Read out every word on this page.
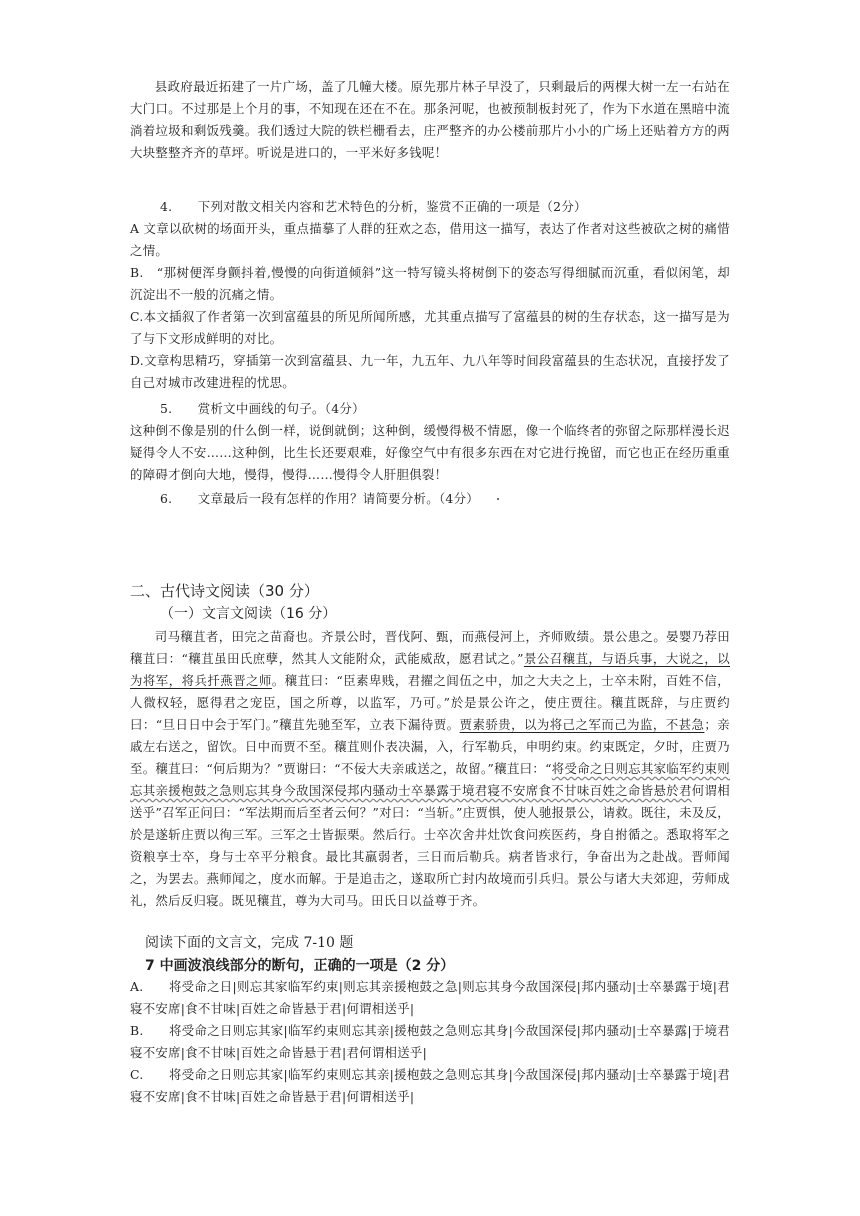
县政府最近拓建了一片广场，盖了几幢大楼。原先那片林子早没了，只剩最后的两棵大树一左一右站在大门口。不过那是上个月的事，不知现在还在不在。那条河呢，也被预制板封死了，作为下水道在黑暗中流淌着垃圾和剩饭残羹。我们透过大院的铁栏栅看去，庄严整齐的办公楼前那片小小的广场上还贴着方方的两大块整整齐齐的草坪。听说是进口的，一平米好多钱呢！

4.　　下列对散文相关内容和艺术特色的分析，鉴赏不正确的一项是（2分）

A 文章以砍树的场面开头，重点描摹了人群的狂欢之态，借用这一描写，表达了作者对这些被砍之树的痛惜之情。

B.　“那树便浑身颤抖着,慢慢的向街道倾斜”这一特写镜头将树倒下的姿态写得细腻而沉重，看似闲笔，却沉淀出不一般的沉痛之情。

C.本文插叙了作者第一次到富蕴县的所见所闻所感，尤其重点描写了富蕴县的树的生存状态，这一描写是为了与下文形成鲜明的对比。

D.文章构思精巧，穿插第一次到富蕴县、九一年，九五年、九八年等时间段富蕴县的生态状况，直接抒发了自己对城市改建进程的忧思。

5.　　赏析文中画线的句子。（4分）

这种倒不像是别的什么倒一样，说倒就倒；这种倒，缓慢得极不情愿，像一个临终者的弥留之际那样漫长迟疑得令人不安……这种倒，比生长还要艰难，好像空气中有很多东西在对它进行挽留，而它也正在经历重重的障碍才倒向大地，慢得，慢得……慢得令人肝胆俱裂！

6.　　文章最后一段有怎样的作用？请简要分析。（4分）

二、古代诗文阅读（30 分）
（一）文言文阅读（16 分）

司马穰苴者，田完之苗裔也。齐景公时，晋伐阿、甄，而燕侵河上，齐师败绩。景公患之。晏婴乃荐田穰苴曰：“穰苴虽田氏庶孽，然其人文能附众，武能威敌，愿君试之。”景公召穰苴，与语兵事，大说之，以为将军，将兵扦燕晋之师。穰苴曰：“臣素卑贱，君擢之闾伍之中，加之大夫之上，士卒未附，百姓不信，人微权轻，愿得君之宠臣，国之所尊，以监军，乃可。”於是景公许之，使庄贾往。穰苴既辞，与庄贾约曰：“旦日日中会于军门。”穰苴先驰至军，立表下漏待贾。贾素骄贵，以为将己之军而己为监，不甚急；亲戚左右送之，留饮。日中而贾不至。穰苴则仆表决漏，入，行军勒兵，申明约束。约束既定，夕时，庄贾乃至。穰苴曰：“何后期为？”贾谢曰：“不佞大夫亲戚送之，故留。”穰苴曰：“将受命之日则忘其家临军约束则忘其亲援枹鼓之急则忘其身今敌国深侵邦内骚动士卒暴露于境君寝不安席食不甘味百姓之命皆悬於君何谓相送乎”召军正问曰：“军法期而后至者云何？”对曰：“当斩。”庄贾惧，使人驰报景公，请救。既往，未及反，於是遂斩庄贾以徇三军。三军之士皆振栗。然后行。士卒次舍井灶饮食问疾医药，身自拊循之。悉取将军之资粮享士卒，身与士卒平分粮食。最比其羸弱者，三日而后勒兵。病者皆求行，争奋出为之赴战。晋师闻之，为罢去。燕师闻之，度水而解。于是追击之，遂取所亡封内故境而引兵归。景公与诸大夫郊迎，劳师成礼，然后反归寝。既见穰苴，尊为大司马。田氏日以益尊于齐。

阅读下面的文言文，完成 7-10 题

7 中画波浪线部分的断句，正确的一项是（2 分）

A.　　将受命之日|则忘其家临军约束|则忘其亲援枹鼓之急|则忘其身今敌国深侵|邦内骚动|士卒暴露于境|君寝不安席|食不甘味|百姓之命皆悬于君|何谓相送乎|

B.　　将受命之日则忘其家|临军约束则忘其亲|援枹鼓之急则忘其身|今敌国深侵|邦内骚动|士卒暴露|于境君寝不安席|食不甘味|百姓之命皆悬于君|君何谓相送乎|

C.　　将受命之日则忘其家|临军约束则忘其亲|援枹鼓之急则忘其身|今敌国深侵|邦内骚动|士卒暴露于境|君寝不安席|食不甘味|百姓之命皆悬于君|何谓相送乎|
